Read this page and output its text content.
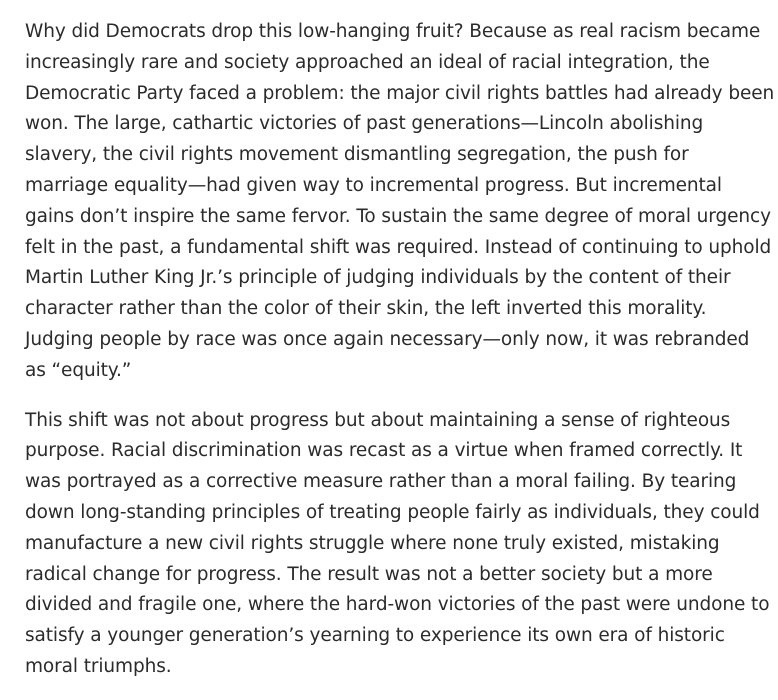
Why did Democrats drop this low-hanging fruit? Because as real racism became
increasingly rare and society approached an ideal of racial integration, the
Democratic Party faced a problem: the major civil rights battles had already been
won. The large, cathartic victories of past generations—Lincoln abolishing
slavery, the civil rights movement dismantling segregation, the push for
marriage equality—had given way to incremental progress. But incremental
gains don’t inspire the same fervor. To sustain the same degree of moral urgency
felt in the past, a fundamental shift was required. Instead of continuing to uphold
Martin Luther King Jr.’s principle of judging individuals by the content of their
character rather than the color of their skin, the left inverted this morality.
Judging people by race was once again necessary—only now, it was rebranded
as “equity.”

This shift was not about progress but about maintaining a sense of righteous
purpose. Racial discrimination was recast as a virtue when framed correctly. It
was portrayed as a corrective measure rather than a moral failing. By tearing
down long-standing principles of treating people fairly as individuals, they could
manufacture a new civil rights struggle where none truly existed, mistaking
radical change for progress. The result was not a better society but a more
divided and fragile one, where the hard-won victories of the past were undone to
satisfy a younger generation’s yearning to experience its own era of historic
moral triumphs.
